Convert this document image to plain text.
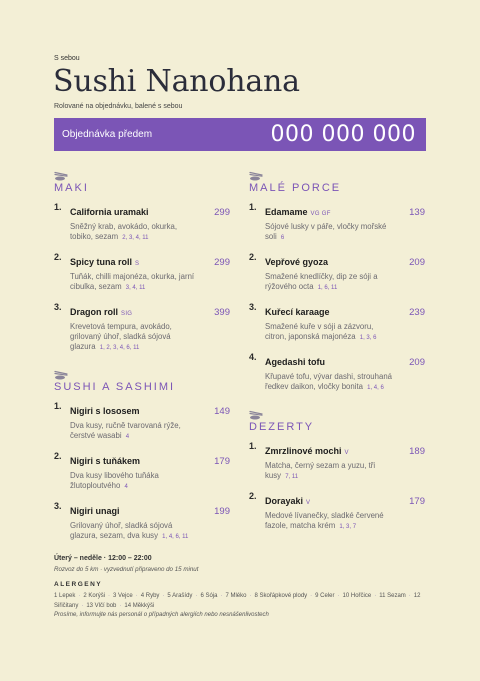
S sebou
Sushi Nanohana
Rolované na objednávku, balené s sebou
Objednávka předem	000 000 000
MAKI
1. California uramaki	299
Sněžný krab, avokádo, okurka, tobiko, sezam 2, 3, 4, 11
2. Spicy tuna roll S	299
Tuňák, chilli majonéza, okurka, jarní cibulka, sezam 3, 4, 11
3. Dragon roll SIG	399
Krevetová tempura, avokádo, grilovaný úhoř, sladká sójová glazura 1, 2, 3, 4, 6, 11
SUSHI A SASHIMI
1. Nigiri s lososem	149
Dva kusy, ručně tvarovaná rýže, čerstvé wasabi 4
2. Nigiri s tuňákem	179
Dva kusy libového tuňáka žlutoploutvého 4
3. Nigiri unagi	199
Grilovaný úhoř, sladká sójová glazura, sezam, dva kusy 1, 4, 6, 11
MALÉ PORCE
1. Edamame VG GF	139
Sójové lusky v páře, vločky mořské soli 6
2. Vepřové gyoza	209
Smažené knedlíčky, dip ze sóji a rýžového octa 1, 6, 11
3. Kuřecí karaage	239
Smažené kuře v sóji a zázvoru, citron, japonská majonéza 1, 3, 6
4. Agedashi tofu	209
Křupavé tofu, vývar dashi, strouhaná ředkev daikon, vločky bonita 1, 4, 6
DEZERTY
1. Zmrzlinové mochi V	189
Matcha, černý sezam a yuzu, tři kusy 7, 11
2. Dorayaki V	179
Medové lívanečky, sladké červené fazole, matcha krém 1, 3, 7
Úterý – neděle · 12:00 – 22:00
Rozvoz do 5 km · vyzvednutí připraveno do 15 minut
ALERGENY
1 Lepek · 2 Korýši · 3 Vejce · 4 Ryby · 5 Arašídy · 6 Sója · 7 Mléko · 8 Skořápkové plody · 9 Celer · 10 Hořčice · 11 Sezam · 12 Siřičitany · 13 Vlčí bob · 14 Měkkýši
Prosíme, informujte nás personál o případných alergiích nebo nesnášenlivostech
